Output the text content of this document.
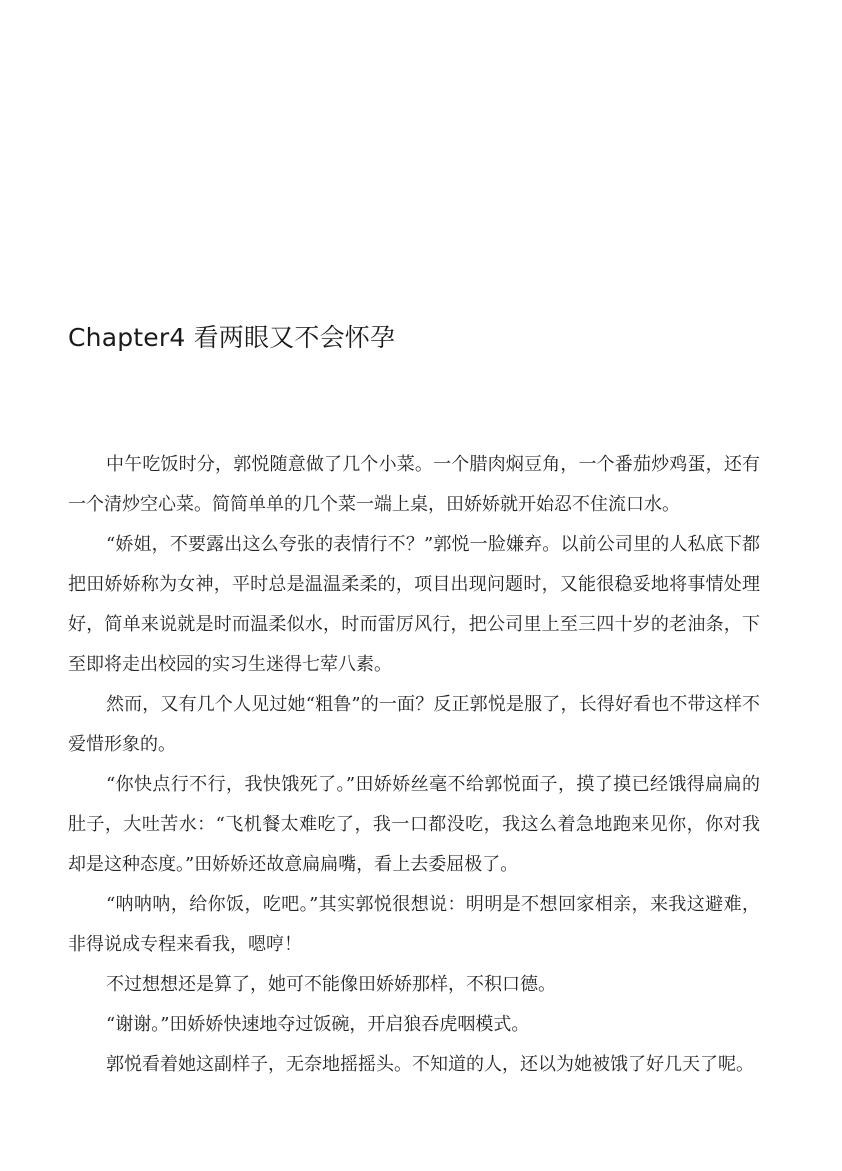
Chapter4 看两眼又不会怀孕

中午吃饭时分，郭悦随意做了几个小菜。一个腊肉焖豆角，一个番茄炒鸡蛋，还有一个清炒空心菜。简简单单的几个菜一端上桌，田娇娇就开始忍不住流口水。

“娇姐，不要露出这么夸张的表情行不？”郭悦一脸嫌弃。以前公司里的人私底下都把田娇娇称为女神，平时总是温温柔柔的，项目出现问题时，又能很稳妥地将事情处理好，简单来说就是时而温柔似水，时而雷厉风行，把公司里上至三四十岁的老油条，下至即将走出校园的实习生迷得七荤八素。

然而，又有几个人见过她“粗鲁”的一面？反正郭悦是服了，长得好看也不带这样不爱惜形象的。

“你快点行不行，我快饿死了。”田娇娇丝毫不给郭悦面子，摸了摸已经饿得扁扁的肚子，大吐苦水：“飞机餐太难吃了，我一口都没吃，我这么着急地跑来见你，你对我却是这种态度。”田娇娇还故意扁扁嘴，看上去委屈极了。

“呐呐呐，给你饭，吃吧。”其实郭悦很想说：明明是不想回家相亲，来我这避难，非得说成专程来看我，嗯哼！

不过想想还是算了，她可不能像田娇娇那样，不积口德。

“谢谢。”田娇娇快速地夺过饭碗，开启狼吞虎咽模式。

郭悦看着她这副样子，无奈地摇摇头。不知道的人，还以为她被饿了好几天了呢。
